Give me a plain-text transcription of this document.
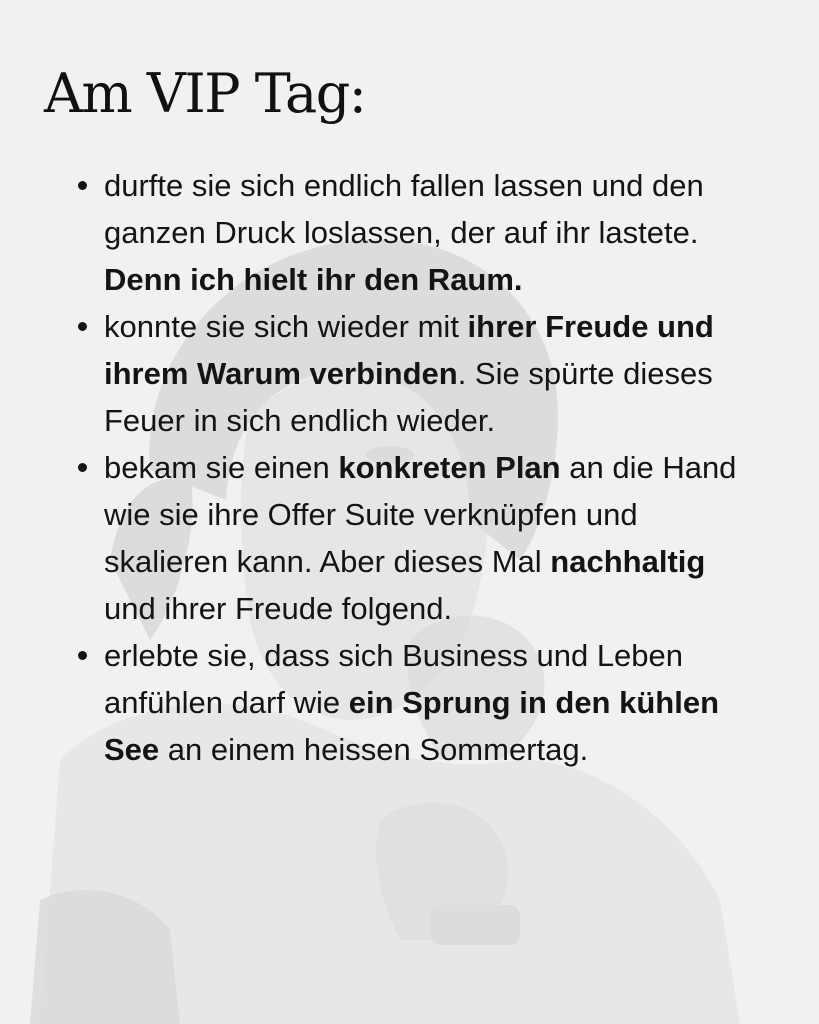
Am VIP Tag:
durfte sie sich endlich fallen lassen und den ganzen Druck loslassen, der auf ihr lastete. Denn ich hielt ihr den Raum.
konnte sie sich wieder mit ihrer Freude und ihrem Warum verbinden. Sie spürte dieses Feuer in sich endlich wieder.
bekam sie einen konkreten Plan an die Hand wie sie ihre Offer Suite verknüpfen und skalieren kann. Aber dieses Mal nachhaltig und ihrer Freude folgend.
erlebte sie, dass sich Business und Leben anfühlen darf wie ein Sprung in den kühlen See an einem heissen Sommertag.
